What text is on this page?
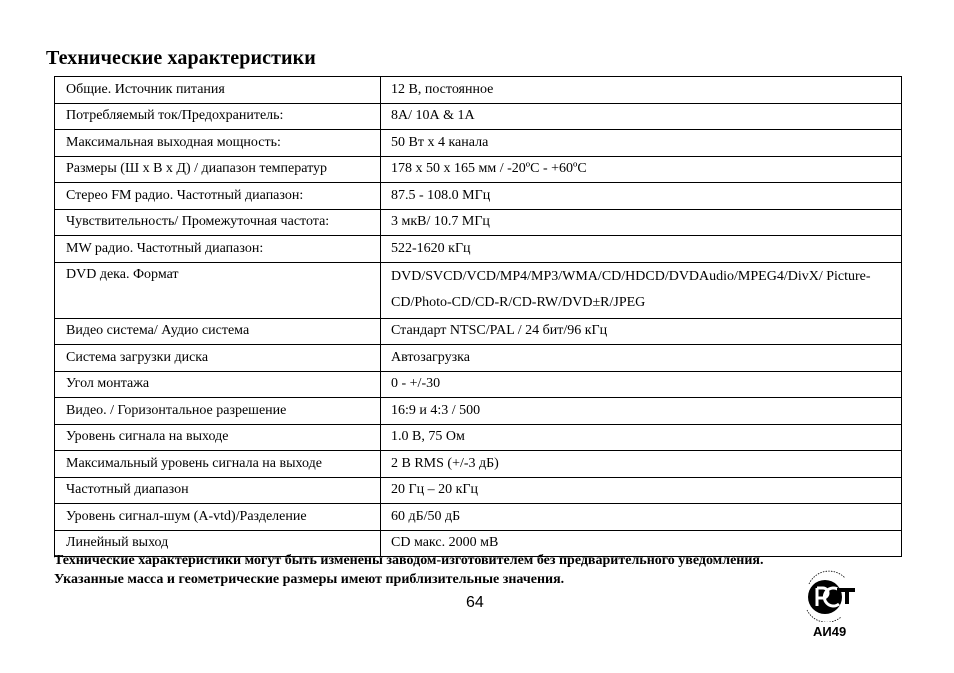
Технические характеристики
Общие. Источник питания	12 В, постоянное
Потребляемый ток/Предохранитель:	8А/ 10А & 1А
Максимальная выходная мощность:	50 Вт х 4 канала
Размеры (Ш х В х Д) / диапазон температур	178 х 50 х 165 мм / -20ºC - +60ºC
Стерео FM радио. Частотный диапазон:	87.5 - 108.0 МГц
Чувствительность/ Промежуточная частота:	3 мкВ/ 10.7 МГц
MW радио. Частотный диапазон:	522-1620 кГц
DVD дека. Формат	DVD/SVCD/VCD/MP4/MP3/WMA/CD/HDCD/DVDAudio/MPEG4/DivX/ Picture-CD/Photo-CD/CD-R/CD-RW/DVD±R/JPEG
Видео система/ Аудио система	Стандарт NTSC/PAL / 24 бит/96 кГц
Система загрузки диска	Автозагрузка
Угол монтажа	0 - +/-30
Видео. / Горизонтальное разрешение	16:9 и 4:3 / 500
Уровень сигнала на выходе	1.0 В, 75 Ом
Максимальный уровень сигнала на выходе	2 В RMS (+/-3 дБ)
Частотный диапазон	20 Гц – 20 кГц
Уровень сигнал-шум (A-vtd)/Разделение	60 дБ/50 дБ
Линейный выход	CD макс. 2000 мВ
Технические характеристики могут быть изменены заводом-изготовителем без предварительного уведомления.
Указанные масса и геометрические размеры имеют приблизительные значения.
64
АИ49
